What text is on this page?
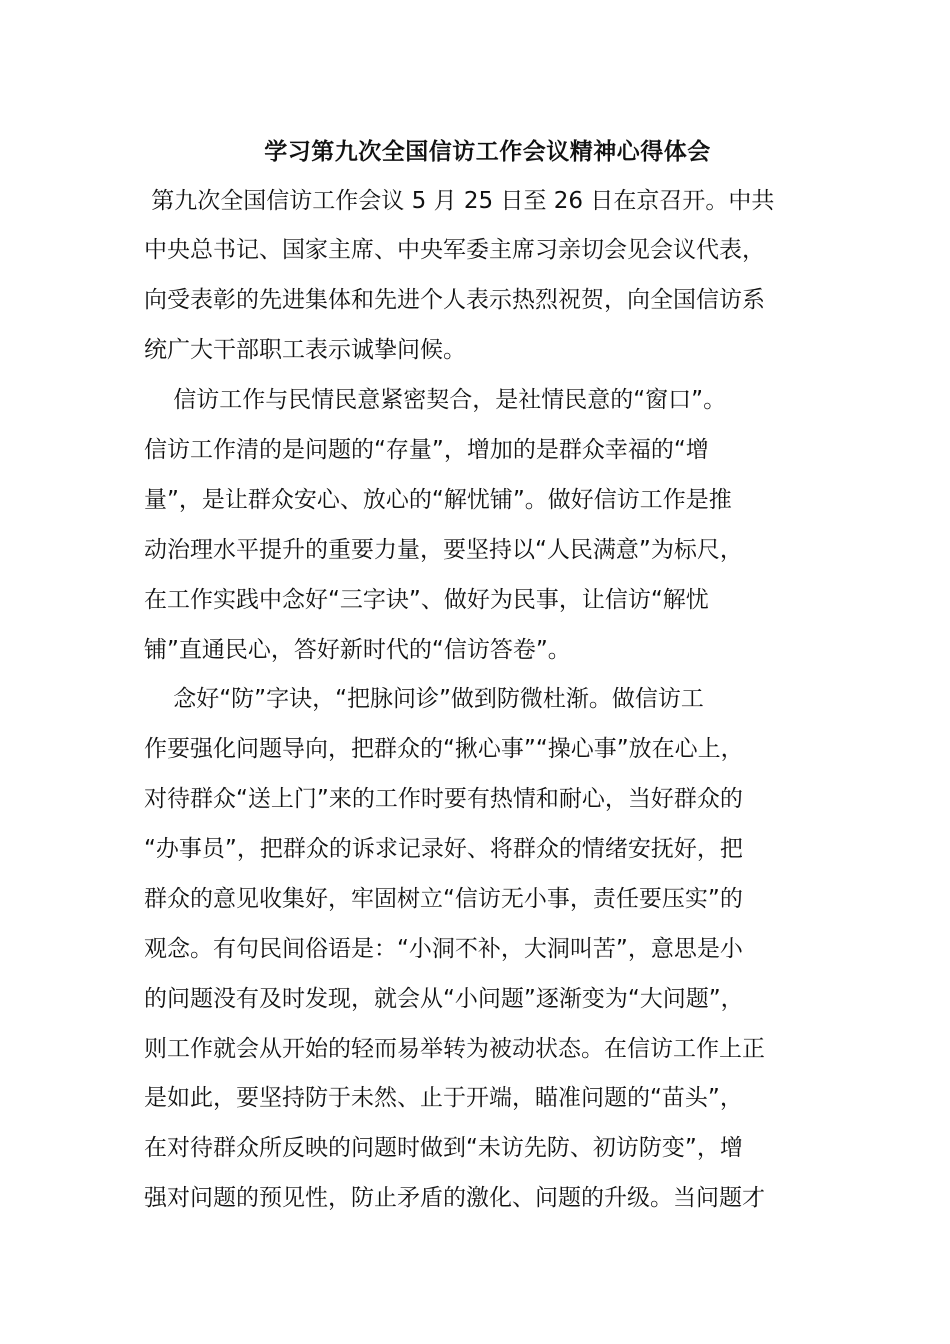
学习第九次全国信访工作会议精神心得体会
第九次全国信访工作会议 5 月 25 日至 26 日在京召开。中共
中央总书记、国家主席、中央军委主席习亲切会见会议代表，
向受表彰的先进集体和先进个人表示热烈祝贺，向全国信访系
统广大干部职工表示诚挚问候。
信访工作与民情民意紧密契合，是社情民意的“窗口”。
信访工作清的是问题的“存量”，增加的是群众幸福的“增
量”，是让群众安心、放心的“解忧铺”。做好信访工作是推
动治理水平提升的重要力量，要坚持以“人民满意”为标尺，
在工作实践中念好“三字诀”、做好为民事，让信访“解忧
铺”直通民心，答好新时代的“信访答卷”。
念好“防”字诀，“把脉问诊”做到防微杜渐。做信访工
作要强化问题导向，把群众的“揪心事”“操心事”放在心上，
对待群众“送上门”来的工作时要有热情和耐心，当好群众的
“办事员”，把群众的诉求记录好、将群众的情绪安抚好，把
群众的意见收集好，牢固树立“信访无小事，责任要压实”的
观念。有句民间俗语是：“小洞不补，大洞叫苦”，意思是小
的问题没有及时发现，就会从“小问题”逐渐变为“大问题”，
则工作就会从开始的轻而易举转为被动状态。在信访工作上正
是如此，要坚持防于未然、止于开端，瞄准问题的“苗头”，
在对待群众所反映的问题时做到“未访先防、初访防变”，增
强对问题的预见性，防止矛盾的激化、问题的升级。当问题才
